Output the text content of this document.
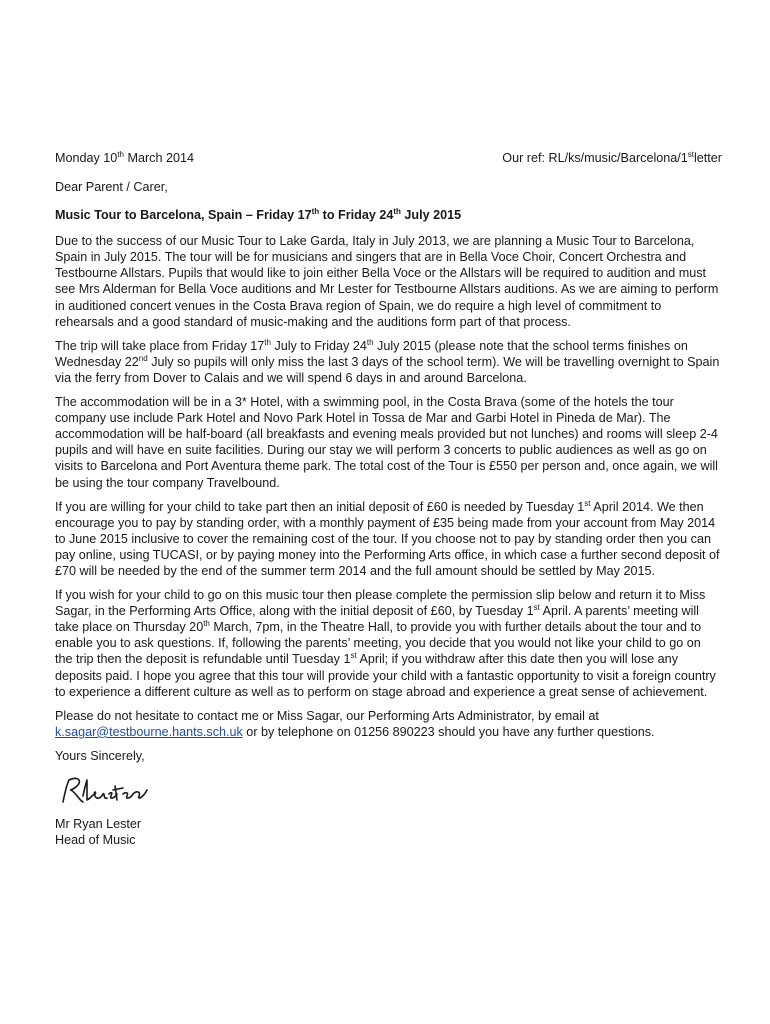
Monday 10th March 2014	Our ref: RL/ks/music/Barcelona/1stletter

Dear Parent / Carer,

Music Tour to Barcelona, Spain – Friday 17th to Friday 24th July 2015

Due to the success of our Music Tour to Lake Garda, Italy in July 2013, we are planning a Music Tour to Barcelona, Spain in July 2015. The tour will be for musicians and singers that are in Bella Voce Choir, Concert Orchestra and Testbourne Allstars. Pupils that would like to join either Bella Voce or the Allstars will be required to audition and must see Mrs Alderman for Bella Voce auditions and Mr Lester for Testbourne Allstars auditions. As we are aiming to perform in auditioned concert venues in the Costa Brava region of Spain, we do require a high level of commitment to rehearsals and a good standard of music-making and the auditions form part of that process.

The trip will take place from Friday 17th July to Friday 24th July 2015 (please note that the school terms finishes on Wednesday 22nd July so pupils will only miss the last 3 days of the school term). We will be travelling overnight to Spain via the ferry from Dover to Calais and we will spend 6 days in and around Barcelona.

The accommodation will be in a 3* Hotel, with a swimming pool, in the Costa Brava (some of the hotels the tour company use include Park Hotel and Novo Park Hotel in Tossa de Mar and Garbi Hotel in Pineda de Mar). The accommodation will be half-board (all breakfasts and evening meals provided but not lunches) and rooms will sleep 2-4 pupils and will have en suite facilities. During our stay we will perform 3 concerts to public audiences as well as go on visits to Barcelona and Port Aventura theme park. The total cost of the Tour is £550 per person and, once again, we will be using the tour company Travelbound.

If you are willing for your child to take part then an initial deposit of £60 is needed by Tuesday 1st April 2014. We then encourage you to pay by standing order, with a monthly payment of £35 being made from your account from May 2014 to June 2015 inclusive to cover the remaining cost of the tour. If you choose not to pay by standing order then you can pay online, using TUCASI, or by paying money into the Performing Arts office, in which case a further second deposit of £70 will be needed by the end of the summer term 2014 and the full amount should be settled by May 2015.

If you wish for your child to go on this music tour then please complete the permission slip below and return it to Miss Sagar, in the Performing Arts Office, along with the initial deposit of £60, by Tuesday 1st April. A parents’ meeting will take place on Thursday 20th March, 7pm, in the Theatre Hall, to provide you with further details about the tour and to enable you to ask questions. If, following the parents’ meeting, you decide that you would not like your child to go on the trip then the deposit is refundable until Tuesday 1st April; if you withdraw after this date then you will lose any deposits paid. I hope you agree that this tour will provide your child with a fantastic opportunity to visit a foreign country to experience a different culture as well as to perform on stage abroad and experience a great sense of achievement.

Please do not hesitate to contact me or Miss Sagar, our Performing Arts Administrator, by email at k.sagar@testbourne.hants.sch.uk or by telephone on 01256 890223 should you have any further questions.

Yours Sincerely,

Mr Ryan Lester

Head of Music
